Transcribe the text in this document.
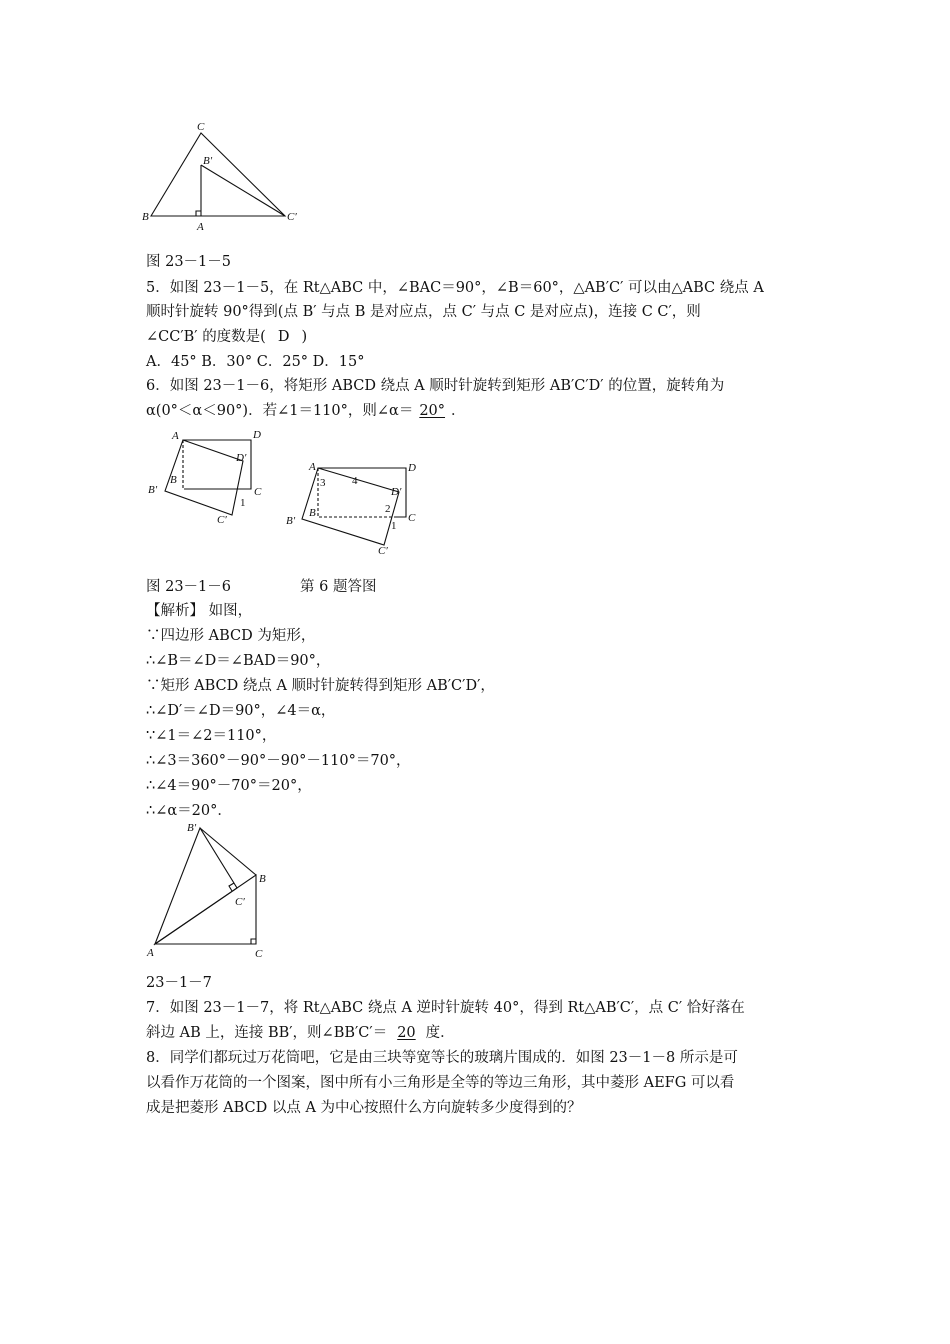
C
B′
B
A
C′
图 23－1－5
5．如图 23－1－5，在 Rt△ABC 中，∠BAC＝90°，∠B＝60°，△AB′C′ 可以由△ABC 绕点 A
顺时针旋转 90°得到(点 B′ 与点 B 是对应点，点 C′ 与点 C 是对应点)，连接 C C′，则
∠CC′B′ 的度数是( D )
A．45° B．30° C．25° D．15°
6．如图 23－1－6，将矩形 ABCD 绕点 A 顺时针旋转到矩形 AB′C′D′ 的位置，旋转角为
α(0°＜α＜90°)．若∠1＝110°，则∠α＝ 20° ．
A	D
D′
B′
B
C
1
C′
A	D
3 4
D′
2
B′
B
1
C
C′
图 23－1－6	第 6 题答图
【解析】 如图，
∵四边形 ABCD 为矩形，
∴∠B＝∠D＝∠BAD＝90°，
∵矩形 ABCD 绕点 A 顺时针旋转得到矩形 AB′C′D′，
∴∠D′＝∠D＝90°，∠4＝α，
∵∠1＝∠2＝110°，
∴∠3＝360°－90°－90°－110°＝70°，
∴∠4＝90°－70°＝20°，
∴∠α＝20°．
B′
B
C′
A	C
23－1－7
7．如图 23－1－7，将 Rt△ABC 绕点 A 逆时针旋转 40°，得到 Rt△AB′C′，点 C′ 恰好落在
斜边 AB 上，连接 BB′，则∠BB′C′＝ 20 度．
8．同学们都玩过万花筒吧，它是由三块等宽等长的玻璃片围成的．如图 23－1－8 所示是可
以看作万花筒的一个图案，图中所有小三角形是全等的等边三角形，其中菱形 AEFG 可以看
成是把菱形 ABCD 以点 A 为中心按照什么方向旋转多少度得到的？
